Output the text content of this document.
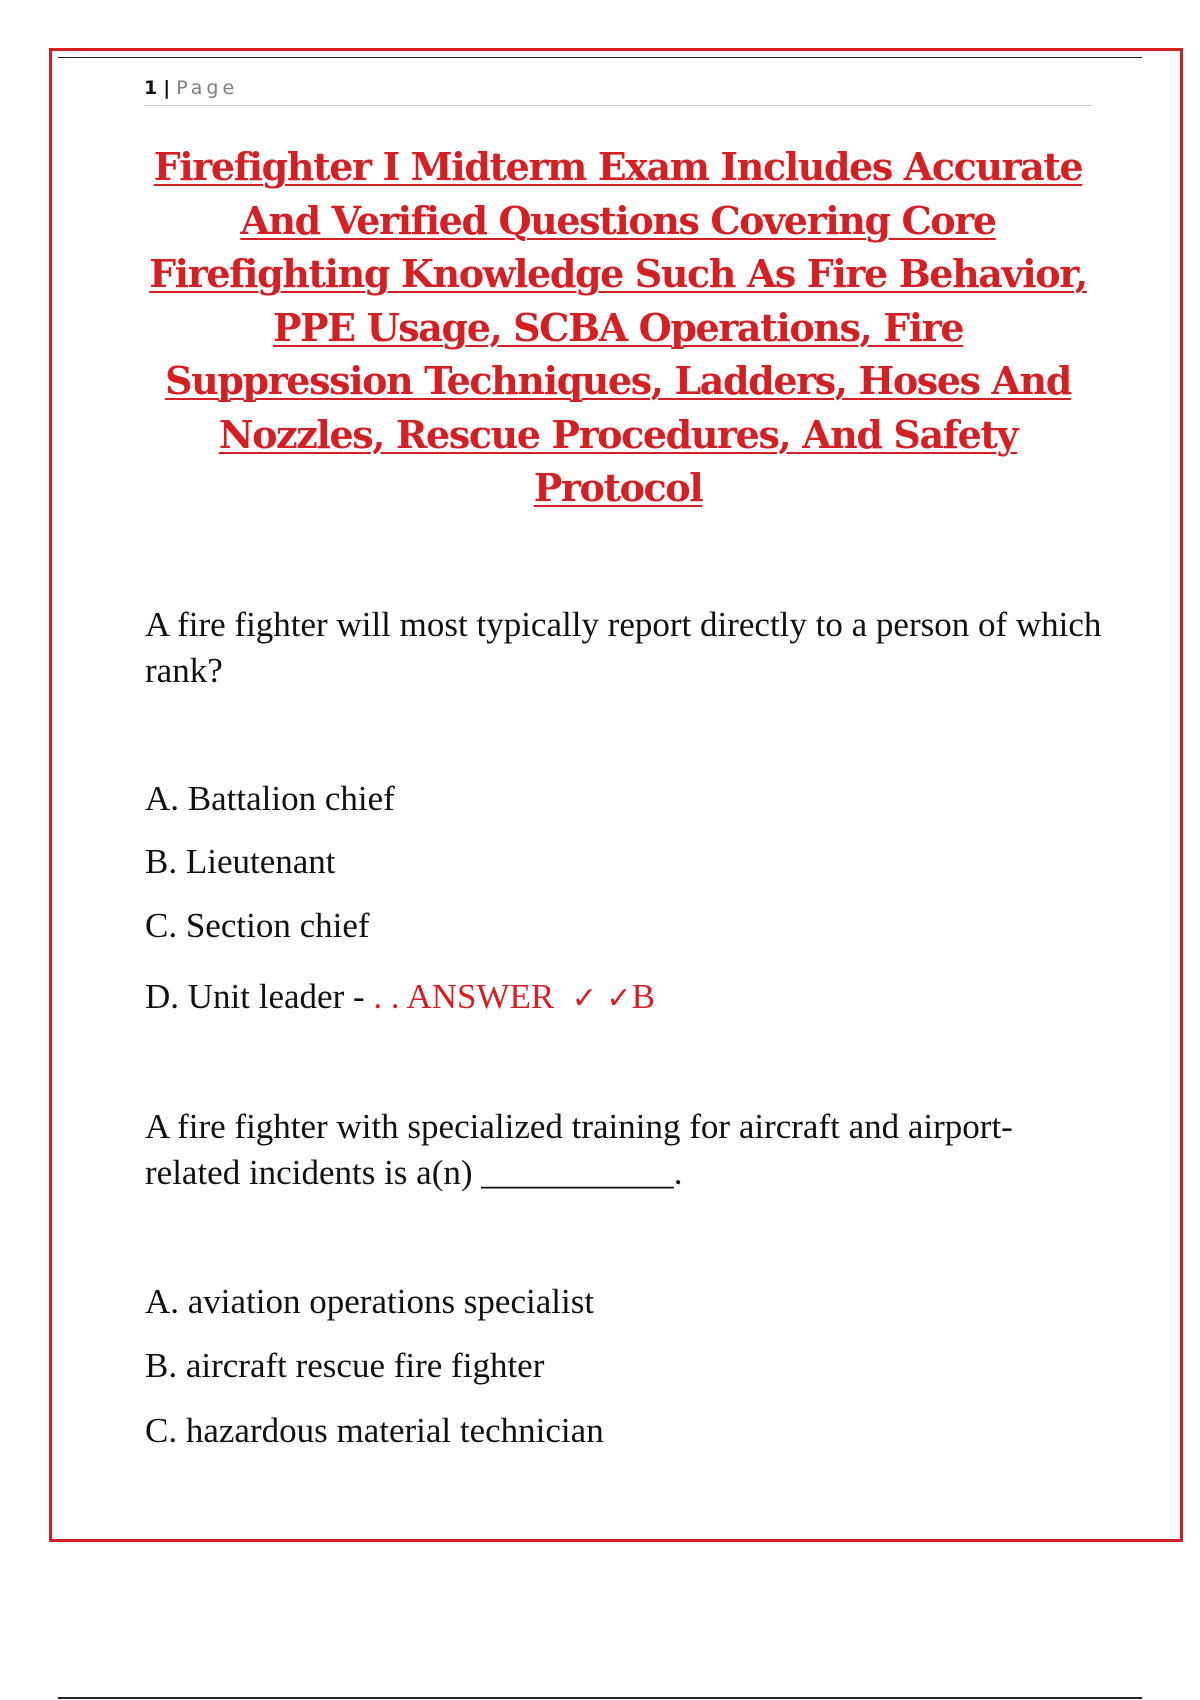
1 | Page
Firefighter I Midterm Exam Includes Accurate And Verified Questions Covering Core Firefighting Knowledge Such As Fire Behavior, PPE Usage, SCBA Operations, Fire Suppression Techniques, Ladders, Hoses And Nozzles, Rescue Procedures, And Safety Protocol

A fire fighter will most typically report directly to a person of which rank?

A. Battalion chief

B. Lieutenant

C. Section chief

D. Unit leader - . . ANSWER ✓ ✓B

A fire fighter with specialized training for aircraft and airport-related incidents is a(n) ___________.

A. aviation operations specialist

B. aircraft rescue fire fighter

C. hazardous material technician
